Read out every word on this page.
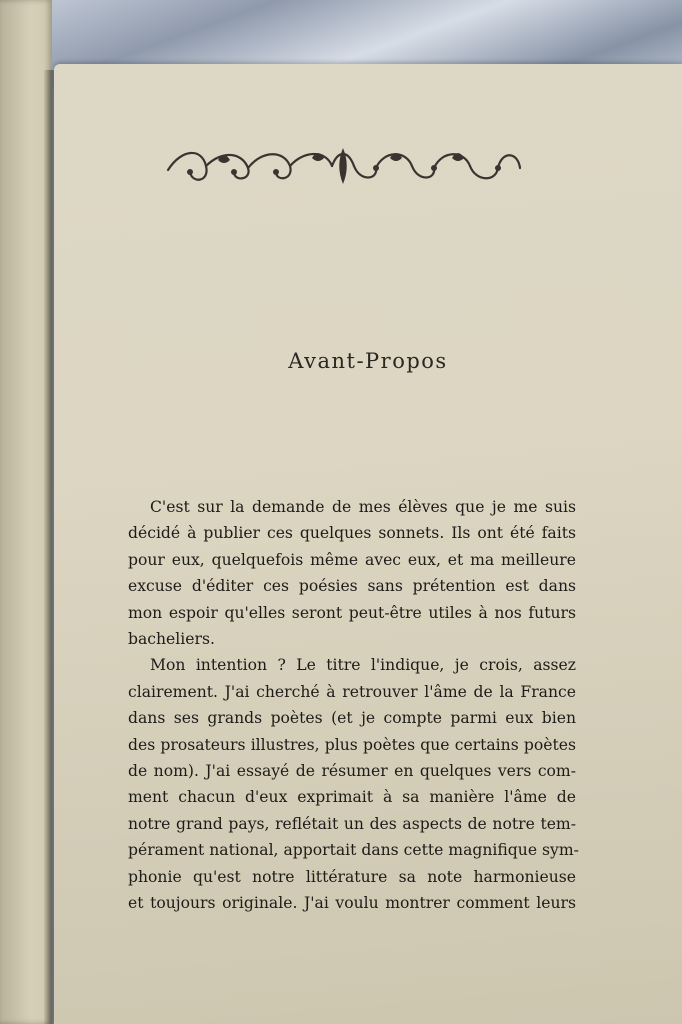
Avant-Propos
C'est sur la demande de mes élèves que je me suis
décidé à publier ces quelques sonnets. Ils ont été faits
pour eux, quelquefois même avec eux, et ma meilleure
excuse d'éditer ces poésies sans prétention est dans
mon espoir qu'elles seront peut-être utiles à nos futurs
bacheliers.
Mon intention ? Le titre l'indique, je crois, assez
clairement. J'ai cherché à retrouver l'âme de la France
dans ses grands poètes (et je compte parmi eux bien
des prosateurs illustres, plus poètes que certains poètes
de nom). J'ai essayé de résumer en quelques vers com-
ment chacun d'eux exprimait à sa manière l'âme de
notre grand pays, reflétait un des aspects de notre tem-
pérament national, apportait dans cette magnifique sym-
phonie qu'est notre littérature sa note harmonieuse
et toujours originale. J'ai voulu montrer comment leurs
